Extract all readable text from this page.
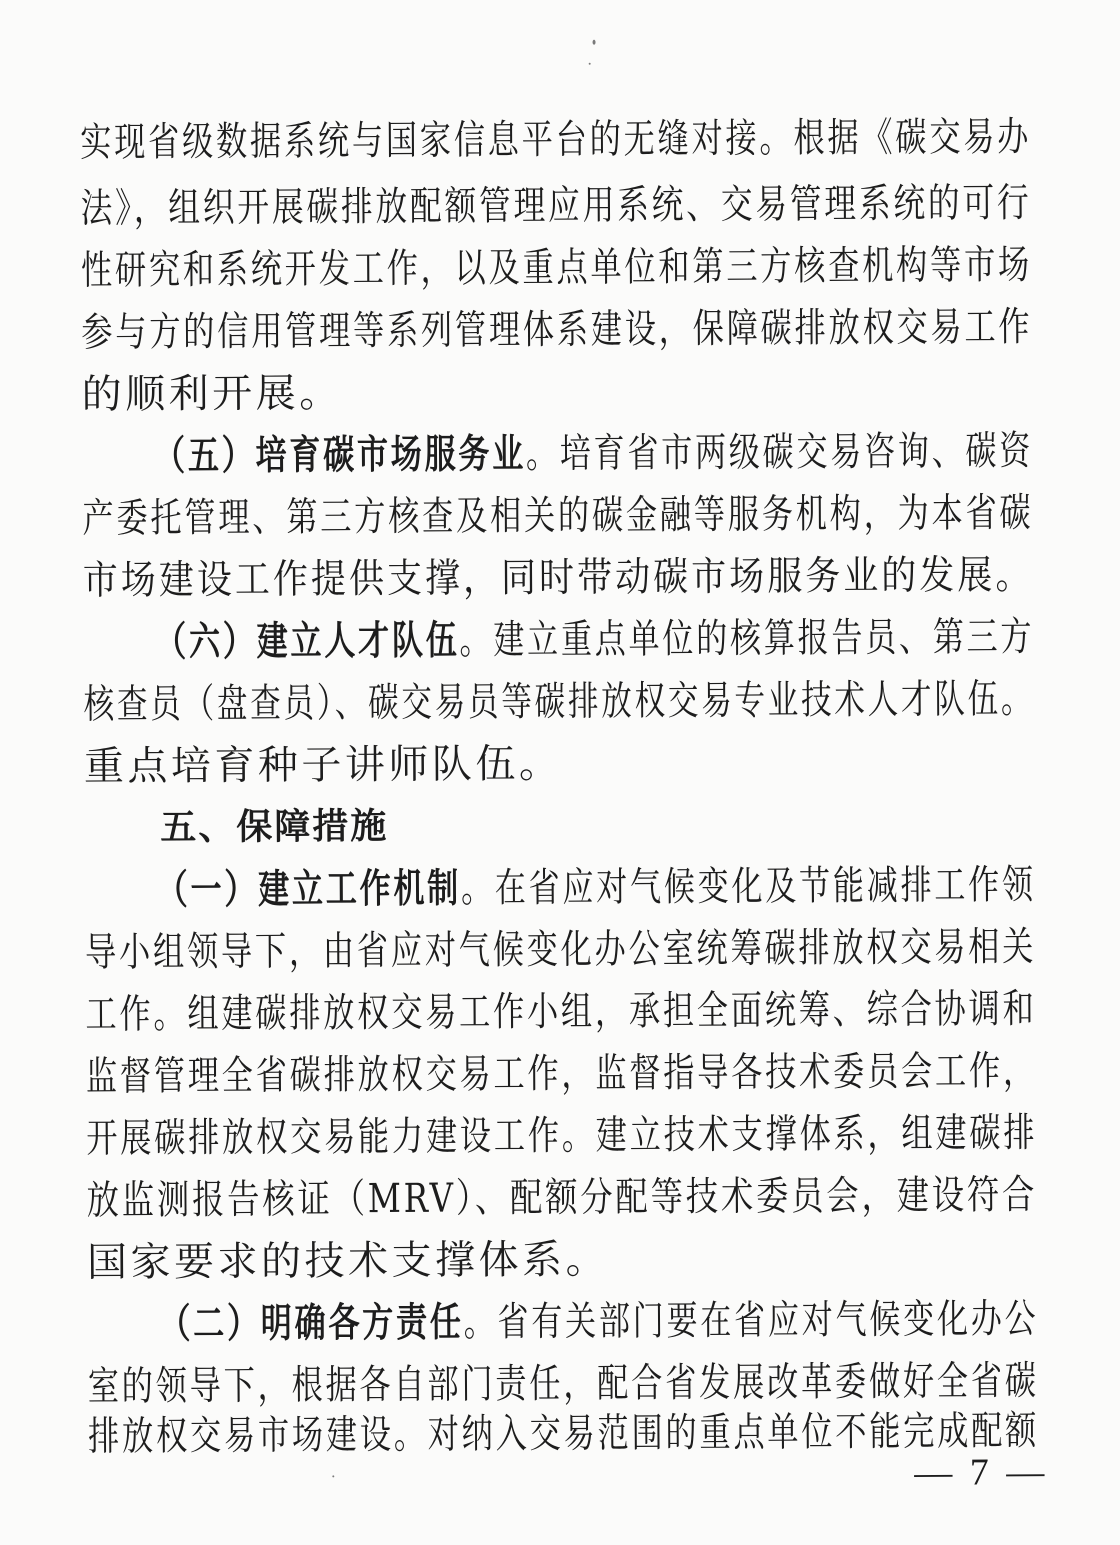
实现省级数据系统与国家信息平台的无缝对接。根据《碳交易办
法》，组织开展碳排放配额管理应用系统、交易管理系统的可行
性研究和系统开发工作，以及重点单位和第三方核查机构等市场
参与方的信用管理等系列管理体系建设，保障碳排放权交易工作
的顺利开展。
（五）培育碳市场服务业。培育省市两级碳交易咨询、碳资
产委托管理、第三方核查及相关的碳金融等服务机构，为本省碳
市场建设工作提供支撑，同时带动碳市场服务业的发展。
（六）建立人才队伍。建立重点单位的核算报告员、第三方
核查员（盘查员）、碳交易员等碳排放权交易专业技术人才队伍。
重点培育种子讲师队伍。
五、保障措施
（一）建立工作机制。在省应对气候变化及节能减排工作领
导小组领导下，由省应对气候变化办公室统筹碳排放权交易相关
工作。组建碳排放权交易工作小组，承担全面统筹、综合协调和
监督管理全省碳排放权交易工作，监督指导各技术委员会工作，
开展碳排放权交易能力建设工作。建立技术支撑体系，组建碳排
放监测报告核证（MRV）、配额分配等技术委员会，建设符合
国家要求的技术支撑体系。
（二）明确各方责任。省有关部门要在省应对气候变化办公
室的领导下，根据各自部门责任，配合省发展改革委做好全省碳
排放权交易市场建设。对纳入交易范围的重点单位不能完成配额
— 7 —
